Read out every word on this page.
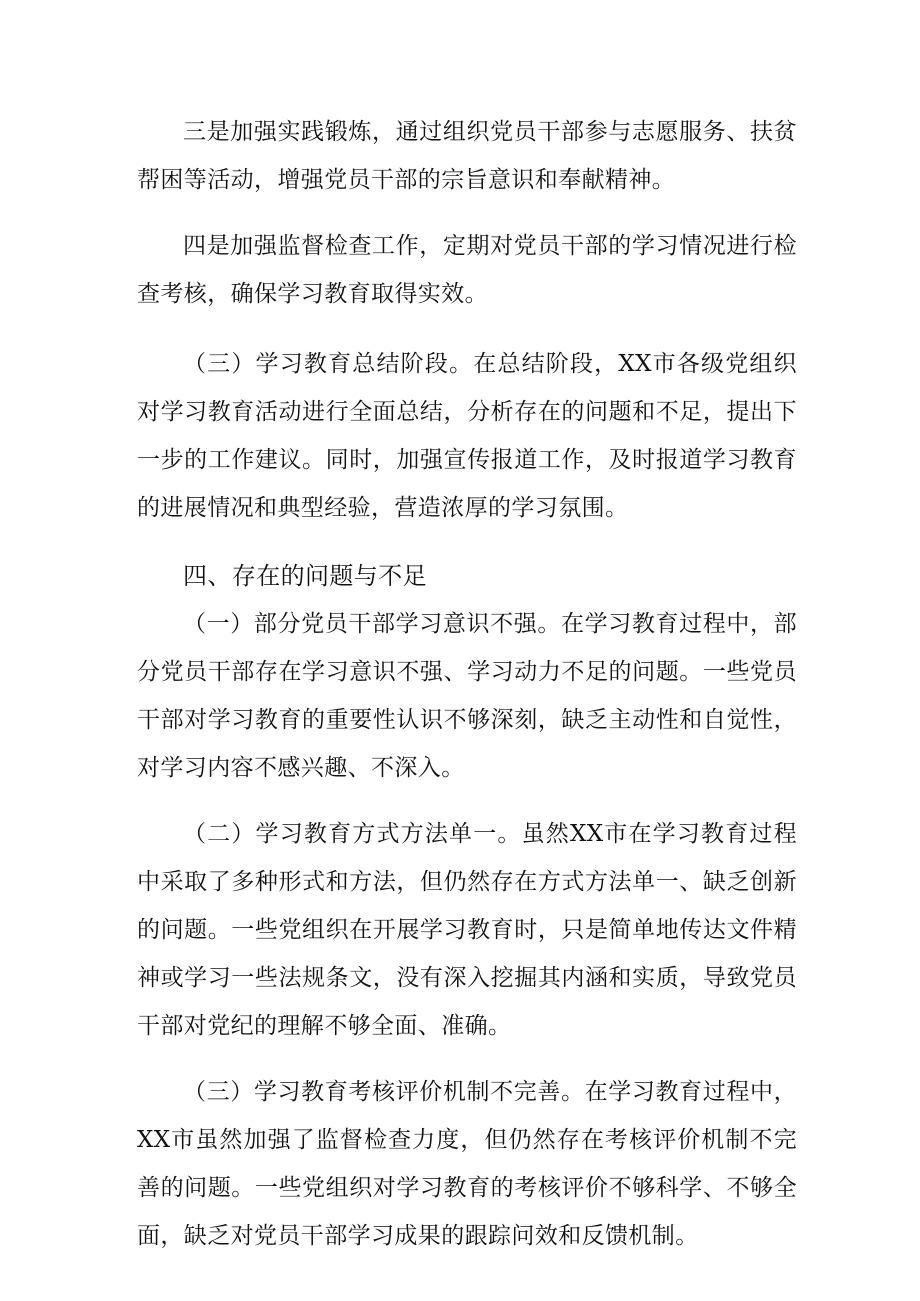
三是加强实践锻炼，通过组织党员干部参与志愿服务、扶贫帮困等活动，增强党员干部的宗旨意识和奉献精神。

四是加强监督检查工作，定期对党员干部的学习情况进行检查考核，确保学习教育取得实效。

（三）学习教育总结阶段。在总结阶段，XX市各级党组织对学习教育活动进行全面总结，分析存在的问题和不足，提出下一步的工作建议。同时，加强宣传报道工作，及时报道学习教育的进展情况和典型经验，营造浓厚的学习氛围。

四、存在的问题与不足

（一）部分党员干部学习意识不强。在学习教育过程中，部分党员干部存在学习意识不强、学习动力不足的问题。一些党员干部对学习教育的重要性认识不够深刻，缺乏主动性和自觉性，对学习内容不感兴趣、不深入。

（二）学习教育方式方法单一。虽然XX市在学习教育过程中采取了多种形式和方法，但仍然存在方式方法单一、缺乏创新的问题。一些党组织在开展学习教育时，只是简单地传达文件精神或学习一些法规条文，没有深入挖掘其内涵和实质，导致党员干部对党纪的理解不够全面、准确。

（三）学习教育考核评价机制不完善。在学习教育过程中，XX市虽然加强了监督检查力度，但仍然存在考核评价机制不完善的问题。一些党组织对学习教育的考核评价不够科学、不够全面，缺乏对党员干部学习成果的跟踪问效和反馈机制。
